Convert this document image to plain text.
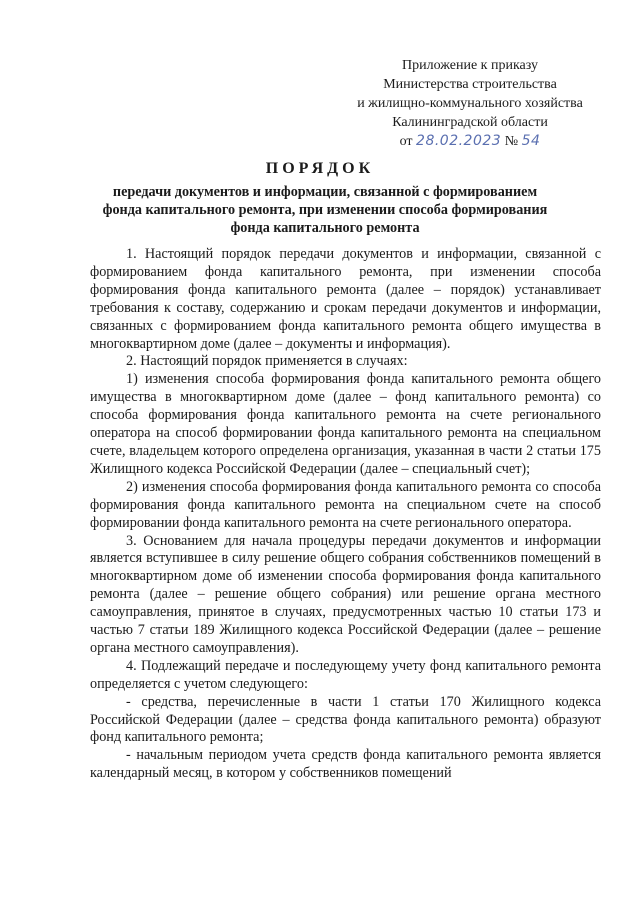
Приложение к приказу
Министерства строительства
и жилищно-коммунального хозяйства
Калининградской области
от 28.02.2023 № 54
ПОРЯДОК
передачи документов и информации, связанной с формированием фонда капитального ремонта, при изменении способа формирования фонда капитального ремонта

1. Настоящий порядок передачи документов и информации, связанной с формированием фонда капитального ремонта, при изменении способа формирования фонда капитального ремонта (далее – порядок) устанавливает требования к составу, содержанию и срокам передачи документов и информации, связанных с формированием фонда капитального ремонта общего имущества в многоквартирном доме (далее – документы и информация).

2. Настоящий порядок применяется в случаях:

1) изменения способа формирования фонда капитального ремонта общего имущества в многоквартирном доме (далее – фонд капитального ремонта) со способа формирования фонда капитального ремонта на счете регионального оператора на способ формировании фонда капитального ремонта на специальном счете, владельцем которого определена организация, указанная в части 2 статьи 175 Жилищного кодекса Российской Федерации (далее – специальный счет);

2) изменения способа формирования фонда капитального ремонта со способа формирования фонда капитального ремонта на специальном счете на способ формировании фонда капитального ремонта на счете регионального оператора.

3. Основанием для начала процедуры передачи документов и информации является вступившее в силу решение общего собрания собственников помещений в многоквартирном доме об изменении способа формирования фонда капитального ремонта (далее – решение общего собрания) или решение органа местного самоуправления, принятое в случаях, предусмотренных частью 10 статьи 173 и частью 7 статьи 189 Жилищного кодекса Российской Федерации (далее – решение органа местного самоуправления).

4. Подлежащий передаче и последующему учету фонд капитального ремонта определяется с учетом следующего:

- средства, перечисленные в части 1 статьи 170 Жилищного кодекса Российской Федерации (далее – средства фонда капитального ремонта) образуют фонд капитального ремонта;

- начальным периодом учета средств фонда капитального ремонта является календарный месяц, в котором у собственников помещений
